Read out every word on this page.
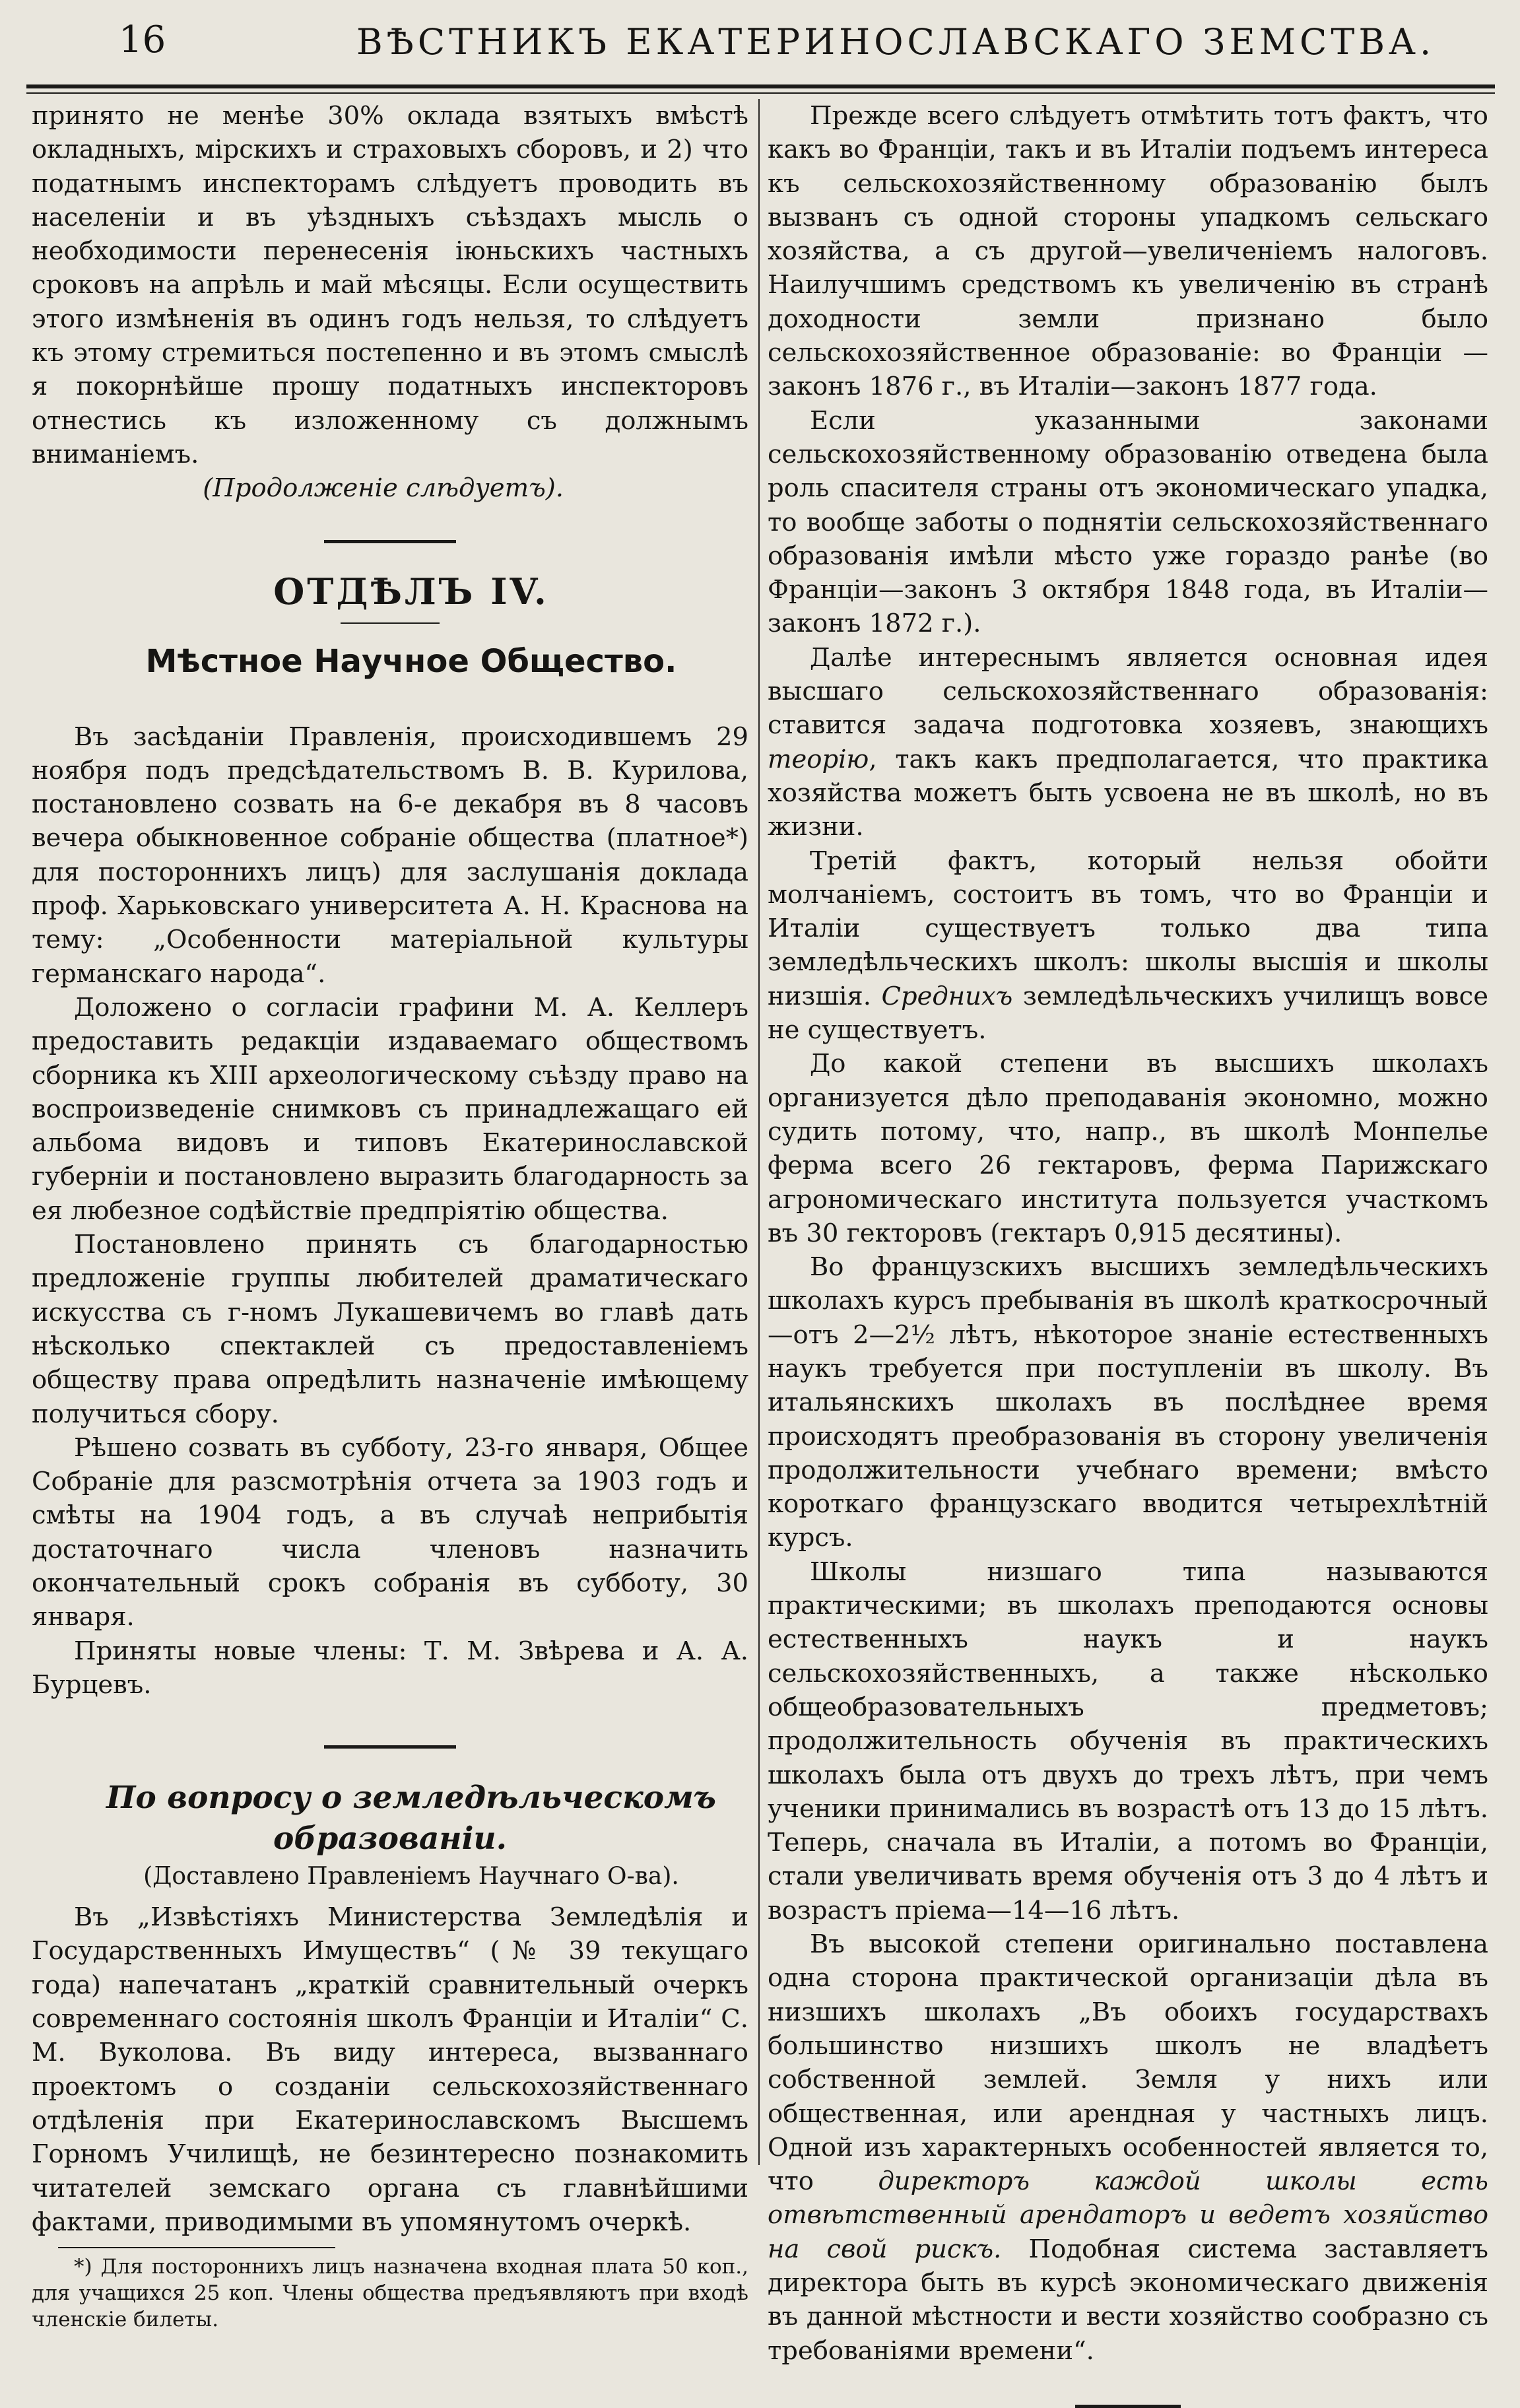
16	ВѢСТНИКЪ ЕКАТЕРИНОСЛАВСКАГО ЗЕМСТВА.

принято не менѣе 30% оклада взятыхъ вмѣстѣ окладныхъ, мірскихъ и страховыхъ сборовъ, и 2) что податнымъ инспекторамъ слѣдуетъ проводить въ населеніи и въ уѣздныхъ съѣздахъ мысль о необходимости перенесенія іюньскихъ частныхъ сроковъ на апрѣль и май мѣсяцы. Если осуществить этого измѣненія въ одинъ годъ нельзя, то слѣдуетъ къ этому стремиться постепенно и въ этомъ смыслѣ я покорнѣйше прошу податныхъ инспекторовъ отнестись къ изложенному съ должнымъ вниманіемъ.

(Продолженіе слѣдуетъ).

ОТДѢЛЪ IV.

Мѣстное Научное Общество.

Въ засѣданіи Правленія, происходившемъ 29 ноября подъ предсѣдательствомъ В. В. Курилова, постановлено созвать на 6-е декабря въ 8 часовъ вечера обыкновенное собраніе общества (платное*) для постороннихъ лицъ) для заслушанія доклада проф. Харьковскаго университета А. Н. Краснова на тему: „Особенности матеріальной культуры германскаго народа“.

Доложено о согласіи графини М. А. Келлеръ предоставить редакціи издаваемаго обществомъ сборника къ XIII археологическому съѣзду право на воспроизведеніе снимковъ съ принадлежащаго ей альбома видовъ и типовъ Екатеринославской губерніи и постановлено выразить благодарность за ея любезное содѣйствіе предпріятію общества.

Постановлено принять съ благодарностью предложеніе группы любителей драматическаго искусства съ г-номъ Лукашевичемъ во главѣ дать нѣсколько спектаклей съ предоставленіемъ обществу права опредѣлить назначеніе имѣющему получиться сбору.

Рѣшено созвать въ субботу, 23-го января, Общее Собраніе для разсмотрѣнія отчета за 1903 годъ и смѣты на 1904 годъ, а въ случаѣ неприбытія достаточнаго числа членовъ назначить окончательный срокъ собранія въ субботу, 30 января.

Приняты новые члены: Т. М. Звѣрева и А. А. Бурцевъ.

По вопросу о земледѣльческомъ образованіи.

(Доставлено Правленіемъ Научнаго О-ва).

Въ „Извѣстіяхъ Министерства Земледѣлія и Государственныхъ Имуществъ“ (№ 39 текущаго года) напечатанъ „краткій сравнительный очеркъ современнаго состоянія школъ Франціи и Италіи“ С. М. Вуколова. Въ виду интереса, вызваннаго проектомъ о созданіи сельскохозяйственнаго отдѣленія при Екатеринославскомъ Высшемъ Горномъ Училищѣ, не безинтересно познакомить читателей земскаго органа съ главнѣйшими фактами, приводимыми въ упомянутомъ очеркѣ.

*) Для постороннихъ лицъ назначена входная плата 50 коп., для учащихся 25 коп. Члены общества предъявляютъ при входѣ членскіе билеты.

Прежде всего слѣдуетъ отмѣтить тотъ фактъ, что какъ во Франціи, такъ и въ Италіи подъемъ интереса къ сельскохозяйственному образованію былъ вызванъ съ одной стороны упадкомъ сельскаго хозяйства, а съ другой—увеличеніемъ налоговъ. Наилучшимъ средствомъ къ увеличенію въ странѣ доходности земли признано было сельскохозяйственное образованіе: во Франціи — законъ 1876 г., въ Италіи—законъ 1877 года.

Если указанными законами сельскохозяйственному образованію отведена была роль спасителя страны отъ экономическаго упадка, то вообще заботы о поднятіи сельскохозяйственнаго образованія имѣли мѣсто уже гораздо ранѣе (во Франціи—законъ 3 октября 1848 года, въ Италіи—законъ 1872 г.).

Далѣе интереснымъ является основная идея высшаго сельскохозяйственнаго образованія: ставится задача подготовка хозяевъ, знающихъ теорію, такъ какъ предполагается, что практика хозяйства можетъ быть усвоена не въ школѣ, но въ жизни.

Третій фактъ, который нельзя обойти молчаніемъ, состоитъ въ томъ, что во Франціи и Италіи существуетъ только два типа земледѣльческихъ школъ: школы высшія и школы низшія. Среднихъ земледѣльческихъ училищъ вовсе не существуетъ.

До какой степени въ высшихъ школахъ организуется дѣло преподаванія экономно, можно судить потому, что, напр., въ школѣ Монпелье ферма всего 26 гектаровъ, ферма Парижскаго агрономическаго института пользуется участкомъ въ 30 гекторовъ (гектаръ 0,915 десятины).

Во французскихъ высшихъ земледѣльческихъ школахъ курсъ пребыванія въ школѣ краткосрочный—отъ 2—2½ лѣтъ, нѣкоторое знаніе естественныхъ наукъ требуется при поступленіи въ школу. Въ итальянскихъ школахъ въ послѣднее время происходятъ преобразованія въ сторону увеличенія продолжительности учебнаго времени; вмѣсто короткаго французскаго вводится четырехлѣтній курсъ.

Школы низшаго типа называются практическими; въ школахъ преподаются основы естественныхъ наукъ и наукъ сельскохозяйственныхъ, а также нѣсколько общеобразовательныхъ предметовъ; продолжительность обученія въ практическихъ школахъ была отъ двухъ до трехъ лѣтъ, при чемъ ученики принимались въ возрастѣ отъ 13 до 15 лѣтъ. Теперь, сначала въ Италіи, а потомъ во Франціи, стали увеличивать время обученія отъ 3 до 4 лѣтъ и возрастъ пріема—14—16 лѣтъ.

Въ высокой степени оригинально поставлена одна сторона практической организаціи дѣла въ низшихъ школахъ „Въ обоихъ государствахъ большинство низшихъ школъ не владѣетъ собственной землей. Земля у нихъ или общественная, или арендная у частныхъ лицъ. Одной изъ характерныхъ особенностей является то, что директоръ каждой школы есть отвѣтственный арендаторъ и ведетъ хозяйство на свой рискъ. Подобная система заставляетъ директора быть въ курсѣ экономическаго движенія въ данной мѣстности и вести хозяйство сообразно съ требованіями времени“.
